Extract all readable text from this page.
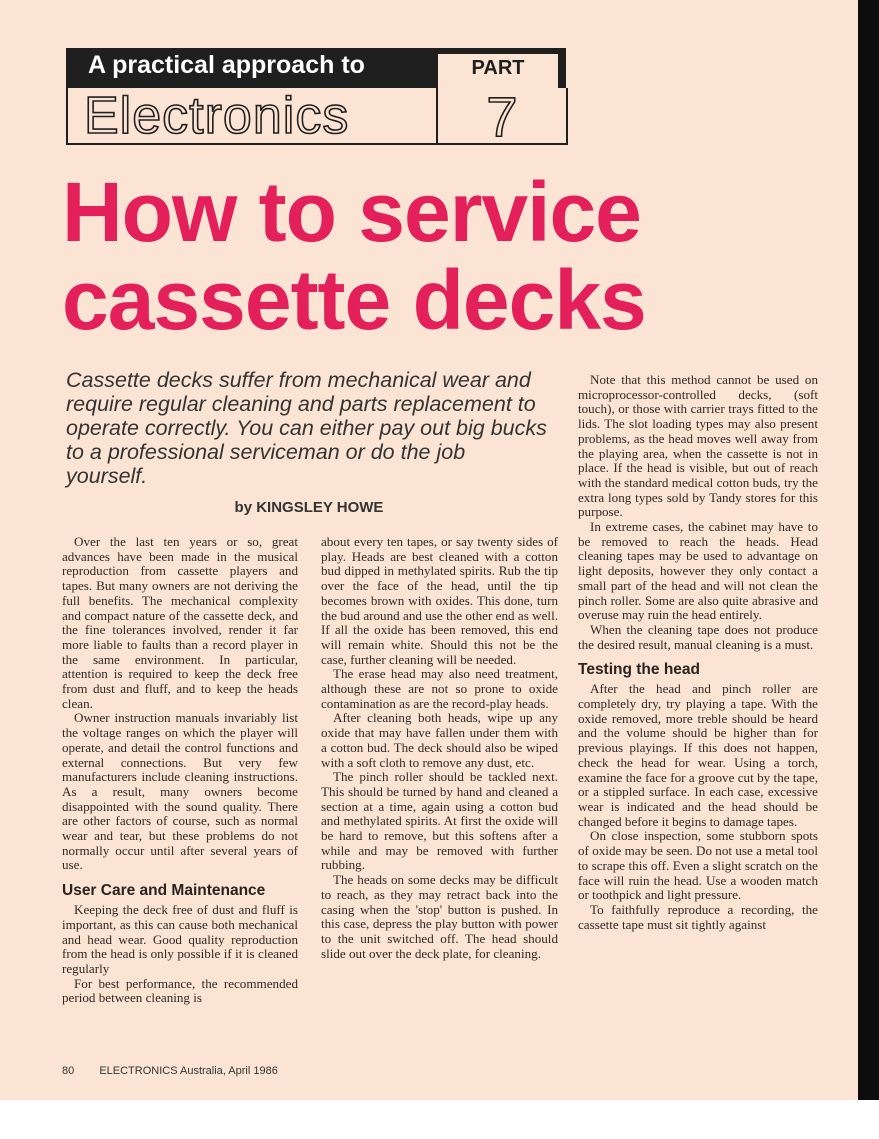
A practical approach to	PART
Electronics	7
How to service
cassette decks
Cassette decks suffer from mechanical wear and require regular cleaning and parts replacement to operate correctly. You can either pay out big bucks to a professional serviceman or do the job yourself.
by KINGSLEY HOWE

Over the last ten years or so, great advances have been made in the musical reproduction from cassette players and tapes. But many owners are not deriving the full benefits. The mechanical complexity and compact nature of the cassette deck, and the fine tolerances involved, render it far more liable to faults than a record player in the same environment. In particular, attention is required to keep the deck free from dust and fluff, and to keep the heads clean.

Owner instruction manuals invariably list the voltage ranges on which the player will operate, and detail the control functions and external connections. But very few manufacturers include cleaning instructions. As a result, many owners become disappointed with the sound quality. There are other factors of course, such as normal wear and tear, but these problems do not normally occur until after several years of use.

User Care and Maintenance

Keeping the deck free of dust and fluff is important, as this can cause both mechanical and head wear. Good quality reproduction from the head is only possible if it is cleaned regularly

For best performance, the recommended period between cleaning is

about every ten tapes, or say twenty sides of play. Heads are best cleaned with a cotton bud dipped in methylated spirits. Rub the tip over the face of the head, until the tip becomes brown with oxides. This done, turn the bud around and use the other end as well. If all the oxide has been removed, this end will remain white. Should this not be the case, further cleaning will be needed.

The erase head may also need treatment, although these are not so prone to oxide contamination as are the record-play heads.

After cleaning both heads, wipe up any oxide that may have fallen under them with a cotton bud. The deck should also be wiped with a soft cloth to remove any dust, etc.

The pinch roller should be tackled next. This should be turned by hand and cleaned a section at a time, again using a cotton bud and methylated spirits. At first the oxide will be hard to remove, but this softens after a while and may be removed with further rubbing.

The heads on some decks may be difficult to reach, as they may retract back into the casing when the 'stop' button is pushed. In this case, depress the play button with power to the unit switched off. The head should slide out over the deck plate, for cleaning.

Note that this method cannot be used on microprocessor-controlled decks, (soft touch), or those with carrier trays fitted to the lids. The slot loading types may also present problems, as the head moves well away from the playing area, when the cassette is not in place. If the head is visible, but out of reach with the standard medical cotton buds, try the extra long types sold by Tandy stores for this purpose.

In extreme cases, the cabinet may have to be removed to reach the heads. Head cleaning tapes may be used to advantage on light deposits, however they only contact a small part of the head and will not clean the pinch roller. Some are also quite abrasive and overuse may ruin the head entirely.

When the cleaning tape does not produce the desired result, manual cleaning is a must.

Testing the head

After the head and pinch roller are completely dry, try playing a tape. With the oxide removed, more treble should be heard and the volume should be higher than for previous playings. If this does not happen, check the head for wear. Using a torch, examine the face for a groove cut by the tape, or a stippled surface. In each case, excessive wear is indicated and the head should be changed before it begins to damage tapes.

On close inspection, some stubborn spots of oxide may be seen. Do not use a metal tool to scrape this off. Even a slight scratch on the face will ruin the head. Use a wooden match or toothpick and light pressure.

To faithfully reproduce a recording, the cassette tape must sit tightly against

80 ELECTRONICS Australia, April 1986
